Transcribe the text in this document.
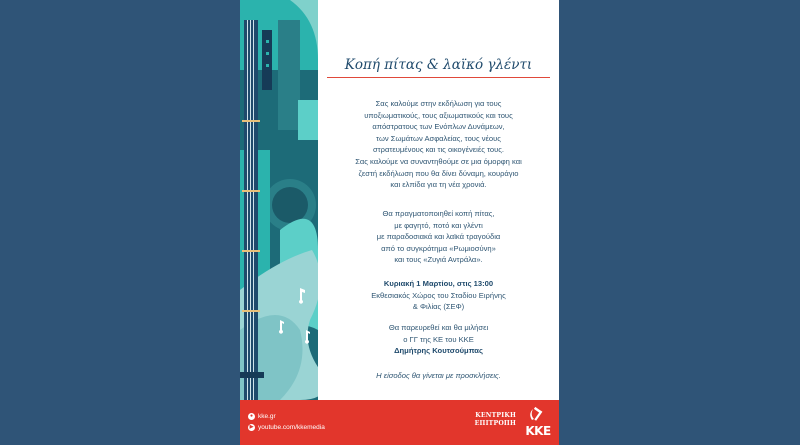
Κοπή πίτας & λαϊκό γλέντι
Σας καλούμε στην εκδήλωση για τους
υποξιωματικούς, τους αξιωματικούς και τους
απόστρατους των Ενόπλων Δυνάμεων,
των Σωμάτων Ασφαλείας, τους νέους
στρατευμένους και τις οικογένειές τους.
Σας καλούμε να συναντηθούμε σε μια όμορφη και
ζεστή εκδήλωση που θα δίνει δύναμη, κουράγιο
και ελπίδα για τη νέα χρονιά.
Θα πραγματοποιηθεί κοπή πίτας,
με φαγητό, ποτό και γλέντι
με παραδοσιακά και λαϊκά τραγούδια
από το συγκρότημα «Ρωμιοσύνη»
και τους «Ζυγιά Αντράλα».
Κυριακή 1 Μαρτίου, στις 13:00
Εκθεσιακός Χώρος του Σταδίου Ειρήνης
& Φιλίας (ΣΕΦ)
Θα παρευρεθεί και θα μιλήσει
ο ΓΓ της ΚΕ του ΚΚΕ
Δημήτρης Κουτσούμπας
Η είσοδος θα γίνεται με προσκλήσεις.
● kke.gr
▶ youtube.com/kkemedia
ΚΕΝΤΡΙΚΗ
ΕΠΙΤΡΟΠΗ
ΚΚΕ
